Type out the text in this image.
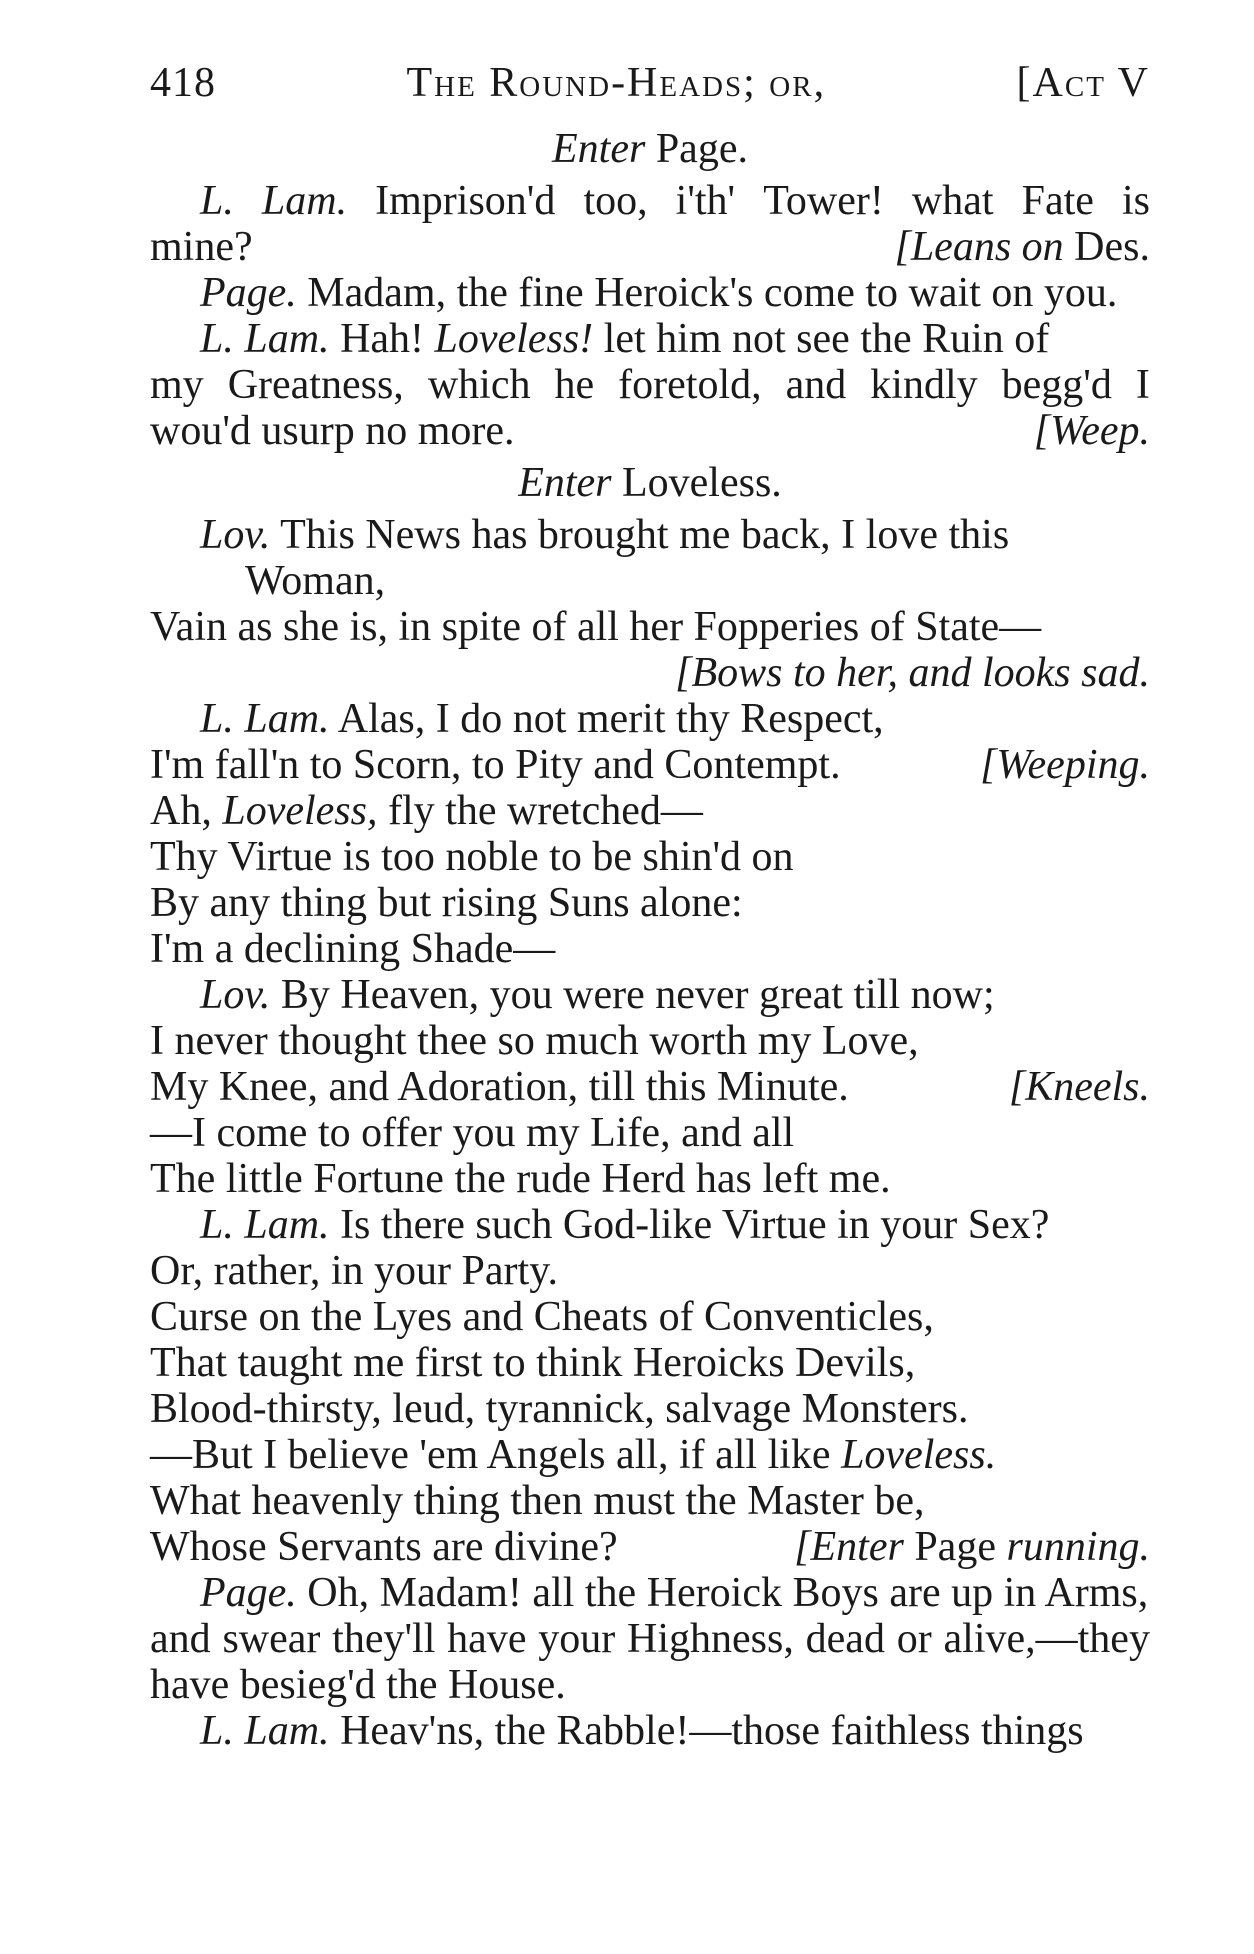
418	The Round-Heads; or,	[Act V
Enter Page.
L. Lam. Imprison'd too, i'th' Tower! what Fate is
mine?	[Leans on Des.
Page. Madam, the fine Heroick's come to wait on you.
L. Lam. Hah! Loveless! let him not see the Ruin of
my Greatness, which he foretold, and kindly begg'd I
wou'd usurp no more.	[Weep.
Enter Loveless.
Lov. This News has brought me back, I love this
Woman,
Vain as she is, in spite of all her Fopperies of State—
[Bows to her, and looks sad.
L. Lam. Alas, I do not merit thy Respect,
I'm fall'n to Scorn, to Pity and Contempt.	[Weeping.
Ah, Loveless, fly the wretched—
Thy Virtue is too noble to be shin'd on
By any thing but rising Suns alone:
I'm a declining Shade—
Lov. By Heaven, you were never great till now;
I never thought thee so much worth my Love,
My Knee, and Adoration, till this Minute.	[Kneels.
—I come to offer you my Life, and all
The little Fortune the rude Herd has left me.
L. Lam. Is there such God-like Virtue in your Sex?
Or, rather, in your Party.
Curse on the Lyes and Cheats of Conventicles,
That taught me first to think Heroicks Devils,
Blood-thirsty, leud, tyrannick, salvage Monsters.
—But I believe 'em Angels all, if all like Loveless.
What heavenly thing then must the Master be,
Whose Servants are divine?	[Enter Page running.
Page. Oh, Madam! all the Heroick Boys are up in Arms,
and swear they'll have your Highness, dead or alive,—they
have besieg'd the House.
L. Lam. Heav'ns, the Rabble!—those faithless things
